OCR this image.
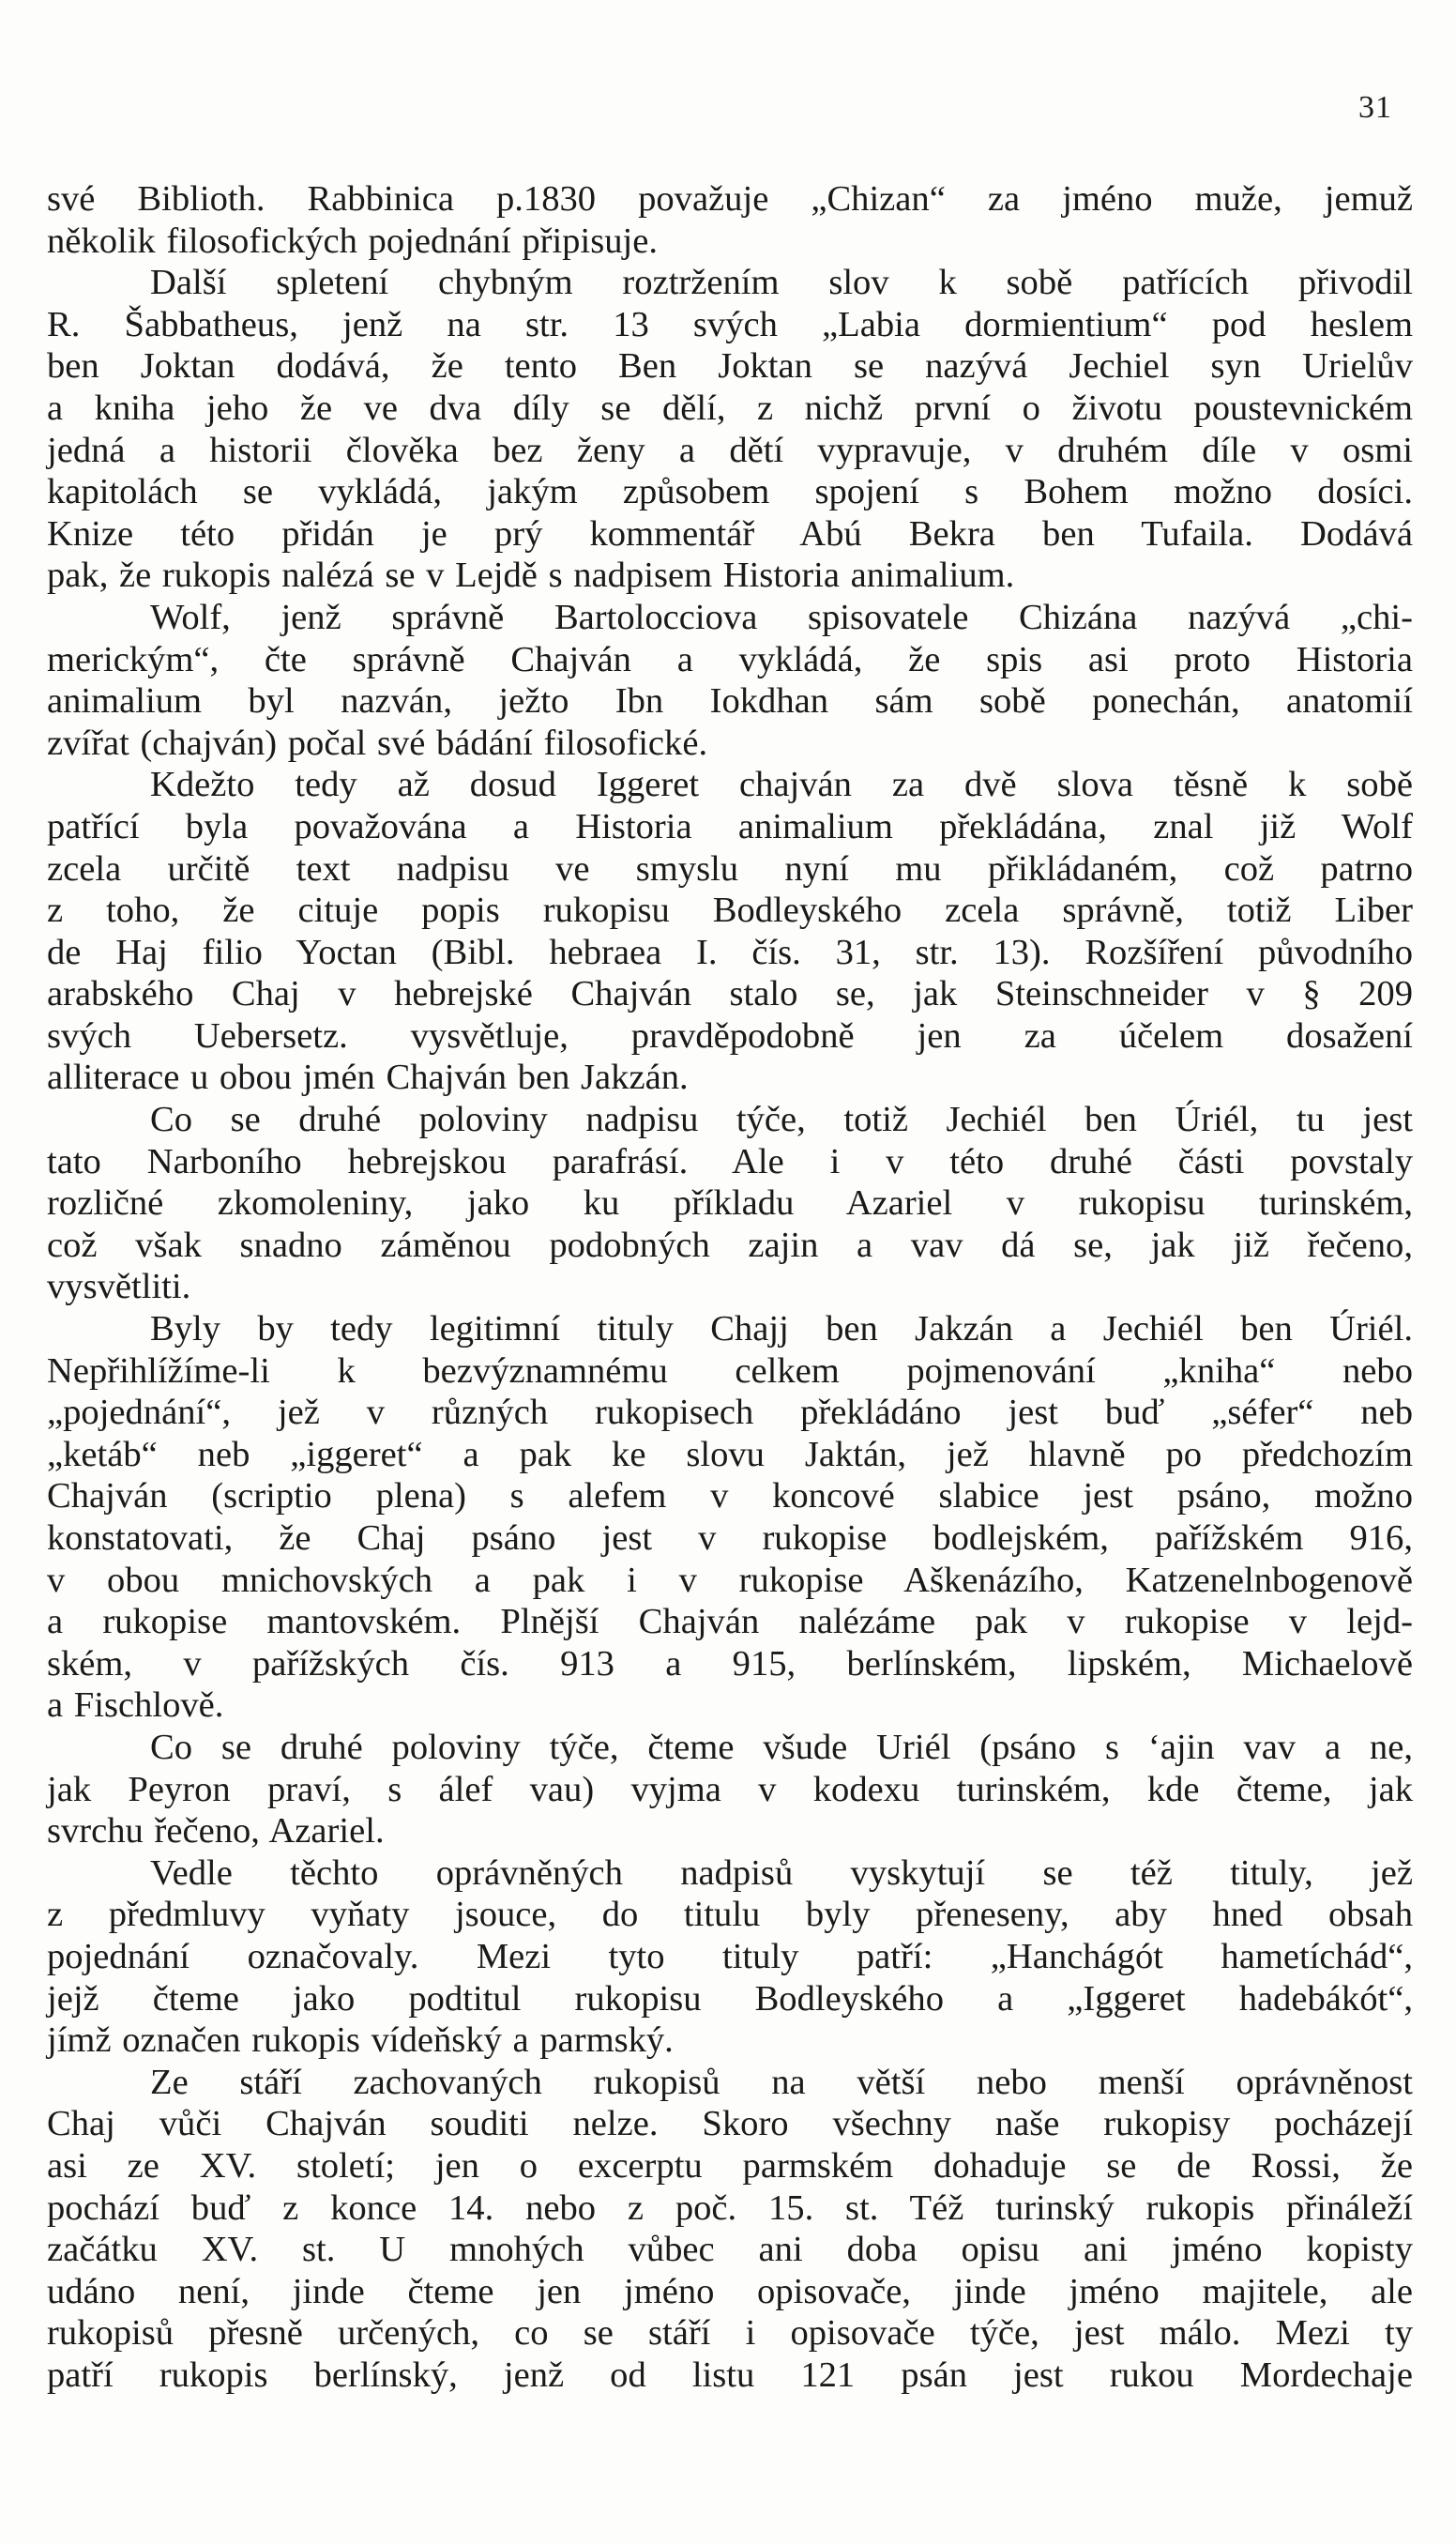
31
své Biblioth. Rabbinica p.1830 považuje „Chizan“ za jméno muže, jemuž
několik filosofických pojednání připisuje.
Další spletení chybným roztržením slov k sobě patřících přivodil
R. Šabbatheus, jenž na str. 13 svých „Labia dormientium“ pod heslem
ben Joktan dodává, že tento Ben Joktan se nazývá Jechiel syn Urielův
a kniha jeho že ve dva díly se dělí, z nichž první o životu poustevnickém
jedná a historii člověka bez ženy a dětí vypravuje, v druhém díle v osmi
kapitolách se vykládá, jakým způsobem spojení s Bohem možno dosíci.
Knize této přidán je prý kommentář Abú Bekra ben Tufaila. Dodává
pak, že rukopis nalézá se v Lejdě s nadpisem Historia animalium.
Wolf, jenž správně Bartolocciova spisovatele Chizána nazývá „chi-
merickým“, čte správně Chajván a vykládá, že spis asi proto Historia
animalium byl nazván, ježto Ibn Iokdhan sám sobě ponechán, anatomií
zvířat (chajván) počal své bádání filosofické.
Kdežto tedy až dosud Iggeret chajván za dvě slova těsně k sobě
patřící byla považována a Historia animalium překládána, znal již Wolf
zcela určitě text nadpisu ve smyslu nyní mu přikládaném, což patrno
z toho, že cituje popis rukopisu Bodleyského zcela správně, totiž Liber
de Haj filio Yoctan (Bibl. hebraea I. čís. 31, str. 13). Rozšíření původního
arabského Chaj v hebrejské Chajván stalo se, jak Steinschneider v § 209
svých Uebersetz. vysvětluje, pravděpodobně jen za účelem dosažení
alliterace u obou jmén Chajván ben Jakzán.
Co se druhé poloviny nadpisu týče, totiž Jechiél ben Úriél, tu jest
tato Narboního hebrejskou parafrásí. Ale i v této druhé části povstaly
rozličné zkomoleniny, jako ku příkladu Azariel v rukopisu turinském,
což však snadno záměnou podobných zajin a vav dá se, jak již řečeno,
vysvětliti.
Byly by tedy legitimní tituly Chajj ben Jakzán a Jechiél ben Úriél.
Nepřihlížíme-li k bezvýznamnému celkem pojmenování „kniha“ nebo
„pojednání“, jež v různých rukopisech překládáno jest buď „séfer“ neb
„ketáb“ neb „iggeret“ a pak ke slovu Jaktán, jež hlavně po předchozím
Chajván (scriptio plena) s alefem v koncové slabice jest psáno, možno
konstatovati, že Chaj psáno jest v rukopise bodlejském, pařížském 916,
v obou mnichovských a pak i v rukopise Aškenázího, Katzenelnbogenově
a rukopise mantovském. Plnější Chajván nalézáme pak v rukopise v lejd-
ském, v pařížských čís. 913 a 915, berlínském, lipském, Michaelově
a Fischlově.
Co se druhé poloviny týče, čteme všude Uriél (psáno s ʻajin vav a ne,
jak Peyron praví, s álef vau) vyjma v kodexu turinském, kde čteme, jak
svrchu řečeno, Azariel.
Vedle těchto oprávněných nadpisů vyskytují se též tituly, jež
z předmluvy vyňaty jsouce, do titulu byly přeneseny, aby hned obsah
pojednání označovaly. Mezi tyto tituly patří: „Hanchágót hametíchád“,
jejž čteme jako podtitul rukopisu Bodleyského a „Iggeret hadebákót“,
jímž označen rukopis vídeňský a parmský.
Ze stáří zachovaných rukopisů na větší nebo menší oprávněnost
Chaj vůči Chajván souditi nelze. Skoro všechny naše rukopisy pocházejí
asi ze XV. století; jen o excerptu parmském dohaduje se de Rossi, že
pochází buď z konce 14. nebo z poč. 15. st. Též turinský rukopis přináleží
začátku XV. st. U mnohých vůbec ani doba opisu ani jméno kopisty
udáno není, jinde čteme jen jméno opisovače, jinde jméno majitele, ale
rukopisů přesně určených, co se stáří i opisovače týče, jest málo. Mezi ty
patří rukopis berlínský, jenž od listu 121 psán jest rukou Mordechaje
